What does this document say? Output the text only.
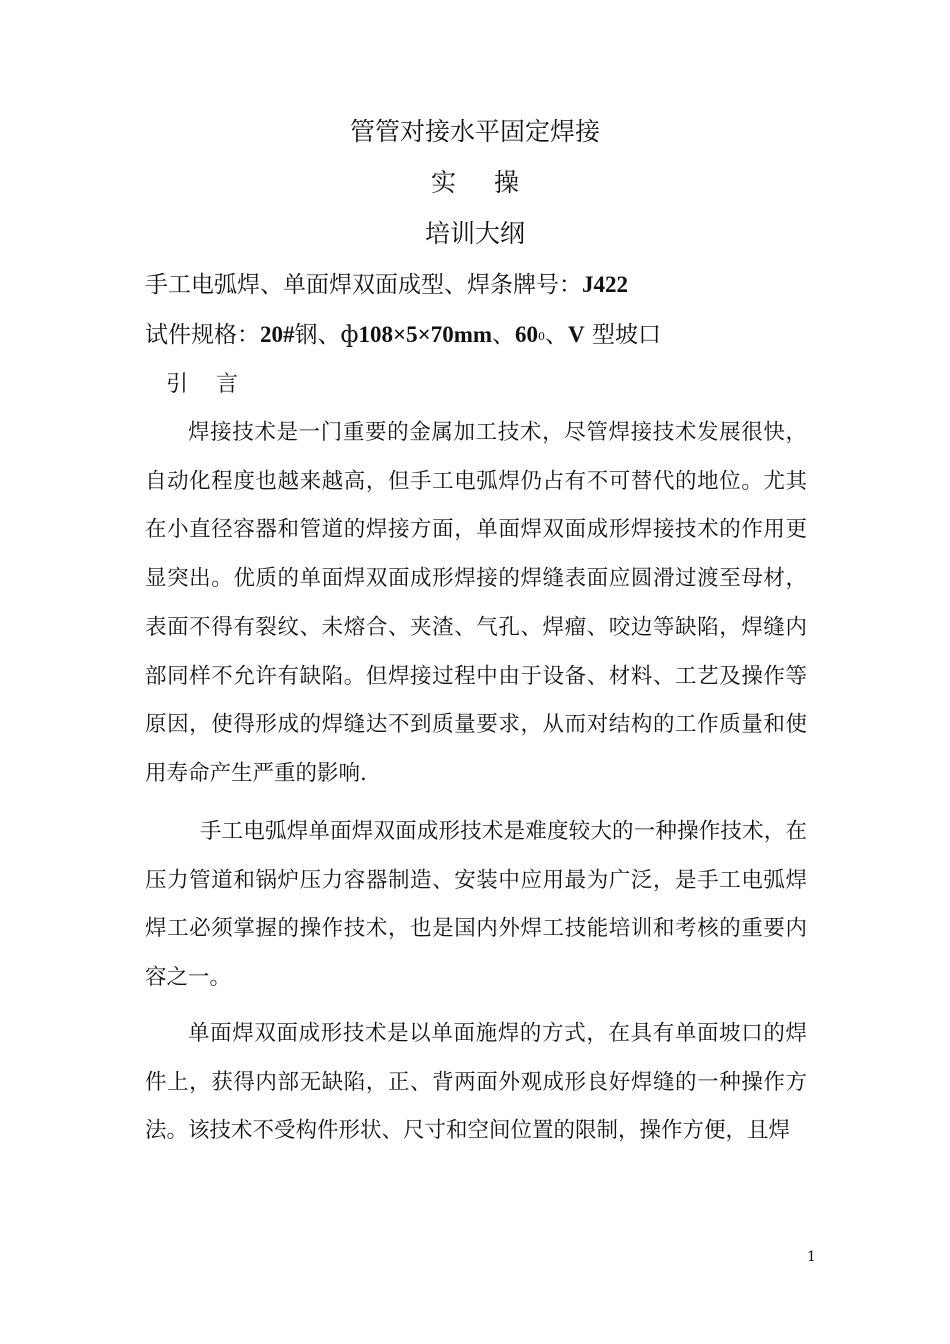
管管对接水平固定焊接
实操
培训大纲
手工电弧焊、单面焊双面成型、焊条牌号：J422
试件规格：20#钢、ф108×5×70mm、600、V 型坡口
引言
焊接技术是一门重要的金属加工技术，尽管焊接技术发展很快，自动化程度也越来越高，但手工电弧焊仍占有不可替代的地位。尤其在小直径容器和管道的焊接方面，单面焊双面成形焊接技术的作用更显突出。优质的单面焊双面成形焊接的焊缝表面应圆滑过渡至母材，表面不得有裂纹、未熔合、夹渣、气孔、焊瘤、咬边等缺陷，焊缝内部同样不允许有缺陷。但焊接过程中由于设备、材料、工艺及操作等原因，使得形成的焊缝达不到质量要求，从而对结构的工作质量和使用寿命产生严重的影响.
手工电弧焊单面焊双面成形技术是难度较大的一种操作技术，在压力管道和锅炉压力容器制造、安装中应用最为广泛，是手工电弧焊焊工必须掌握的操作技术，也是国内外焊工技能培训和考核的重要内容之一。
单面焊双面成形技术是以单面施焊的方式，在具有单面坡口的焊件上，获得内部无缺陷，正、背两面外观成形良好焊缝的一种操作方法。该技术不受构件形状、尺寸和空间位置的限制，操作方便，且焊
1
